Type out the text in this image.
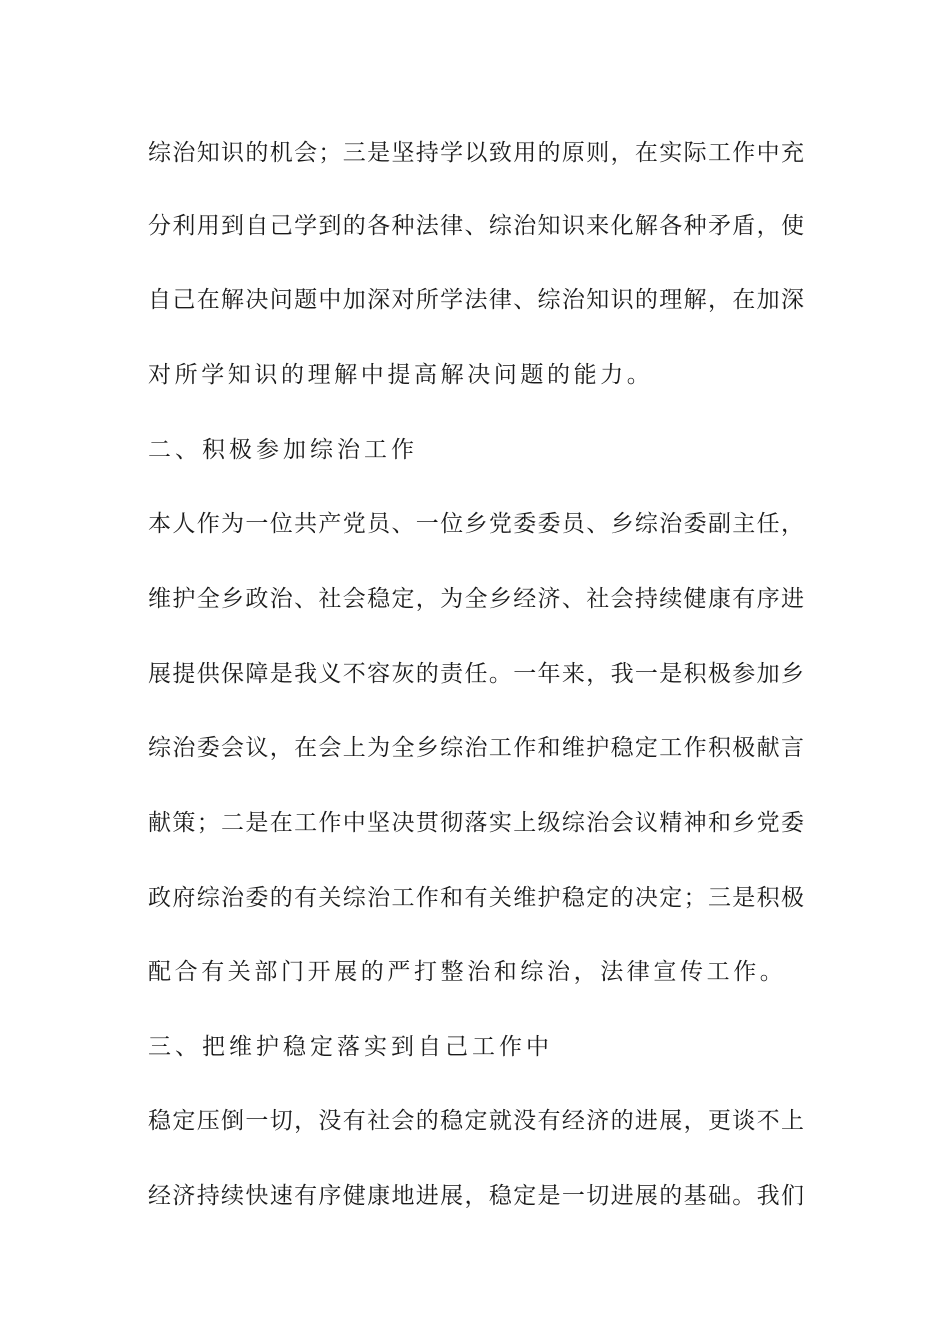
综治知识的机会；三是坚持学以致用的原则，在实际工作中充
分利用到自己学到的各种法律、综治知识来化解各种矛盾，使
自己在解决问题中加深对所学法律、综治知识的理解，在加深
对所学知识的理解中提高解决问题的能力。
二、积极参加综治工作
本人作为一位共产党员、一位乡党委委员、乡综治委副主任，
维护全乡政治、社会稳定，为全乡经济、社会持续健康有序进
展提供保障是我义不容灰的责任。一年来，我一是积极参加乡
综治委会议，在会上为全乡综治工作和维护稳定工作积极献言
献策；二是在工作中坚决贯彻落实上级综治会议精神和乡党委
政府综治委的有关综治工作和有关维护稳定的决定；三是积极
配合有关部门开展的严打整治和综治，法律宣传工作。
三、把维护稳定落实到自己工作中
稳定压倒一切，没有社会的稳定就没有经济的进展，更谈不上
经济持续快速有序健康地进展，稳定是一切进展的基础。我们
